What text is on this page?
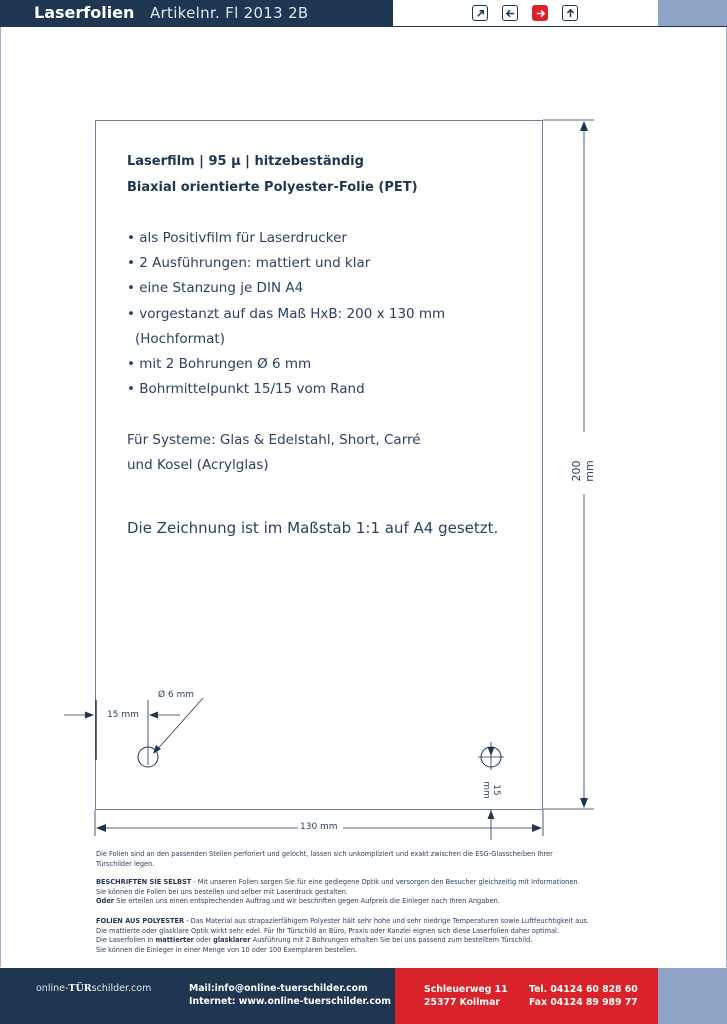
Laserfolien Artikelnr. Fl 2013 2B
Laserfilm | 95 µ | hitzebeständig
Biaxial orientierte Polyester-Folie (PET)
• als Positivfilm für Laserdrucker
• 2 Ausführungen: mattiert und klar
• eine Stanzung je DIN A4
• vorgestanzt auf das Maß HxB: 200 x 130 mm
(Hochformat)
• mit 2 Bohrungen Ø 6 mm
• Bohrmittelpunkt 15/15 vom Rand
Für Systeme: Glas & Edelstahl, Short, Carré
und Kosel (Acrylglas)
Die Zeichnung ist im Maßstab 1:1 auf A4 gesetzt.
200 mm
130 mm
Ø 6 mm
15 mm
15 mm
Die Folien sind an den passenden Stellen perforiert und gelocht, lassen sich unkompliziert und exakt zwischen die ESG-Glasscheiben Ihrer
Türschilder legen.
BESCHRIFTEN SIE SELBST - Mit unseren Folien sorgen Sie für eine gediegene Optik und versorgen den Besucher gleichzeitig mit Informationen.
Sie können die Folien bei uns bestellen und selber mit Laserdruck gestalten.
Oder Sie erteilen uns einen entsprechenden Auftrag und wir beschriften gegen Aufpreis die Einleger nach Ihren Angaben.
FOLIEN AUS POLYESTER - Das Material aus strapazierfähigem Polyester hält sehr hohe und sehr niedrige Temperaturen sowie Luftfeuchtigkeit aus.
Die mattierte oder glasklare Optik wirkt sehr edel. Für Ihr Türschild an Büro, Praxis oder Kanzlei eignen sich diese Laserfolien daher optimal.
Die Laserfolien in mattierter oder glasklarer Ausführung mit 2 Bohrungen erhalten Sie bei uns passend zum bestelltem Türschild.
Sie können die Einleger in einer Menge von 10 oder 100 Exemplaren bestellen.
online-TÜRschilder.com	Mail:info@online-tuerschilder.com
Internet: www.online-tuerschilder.com
Schleuerweg 11
25377 Kollmar
Tel. 04124 60 828 60
Fax 04124 89 989 77
